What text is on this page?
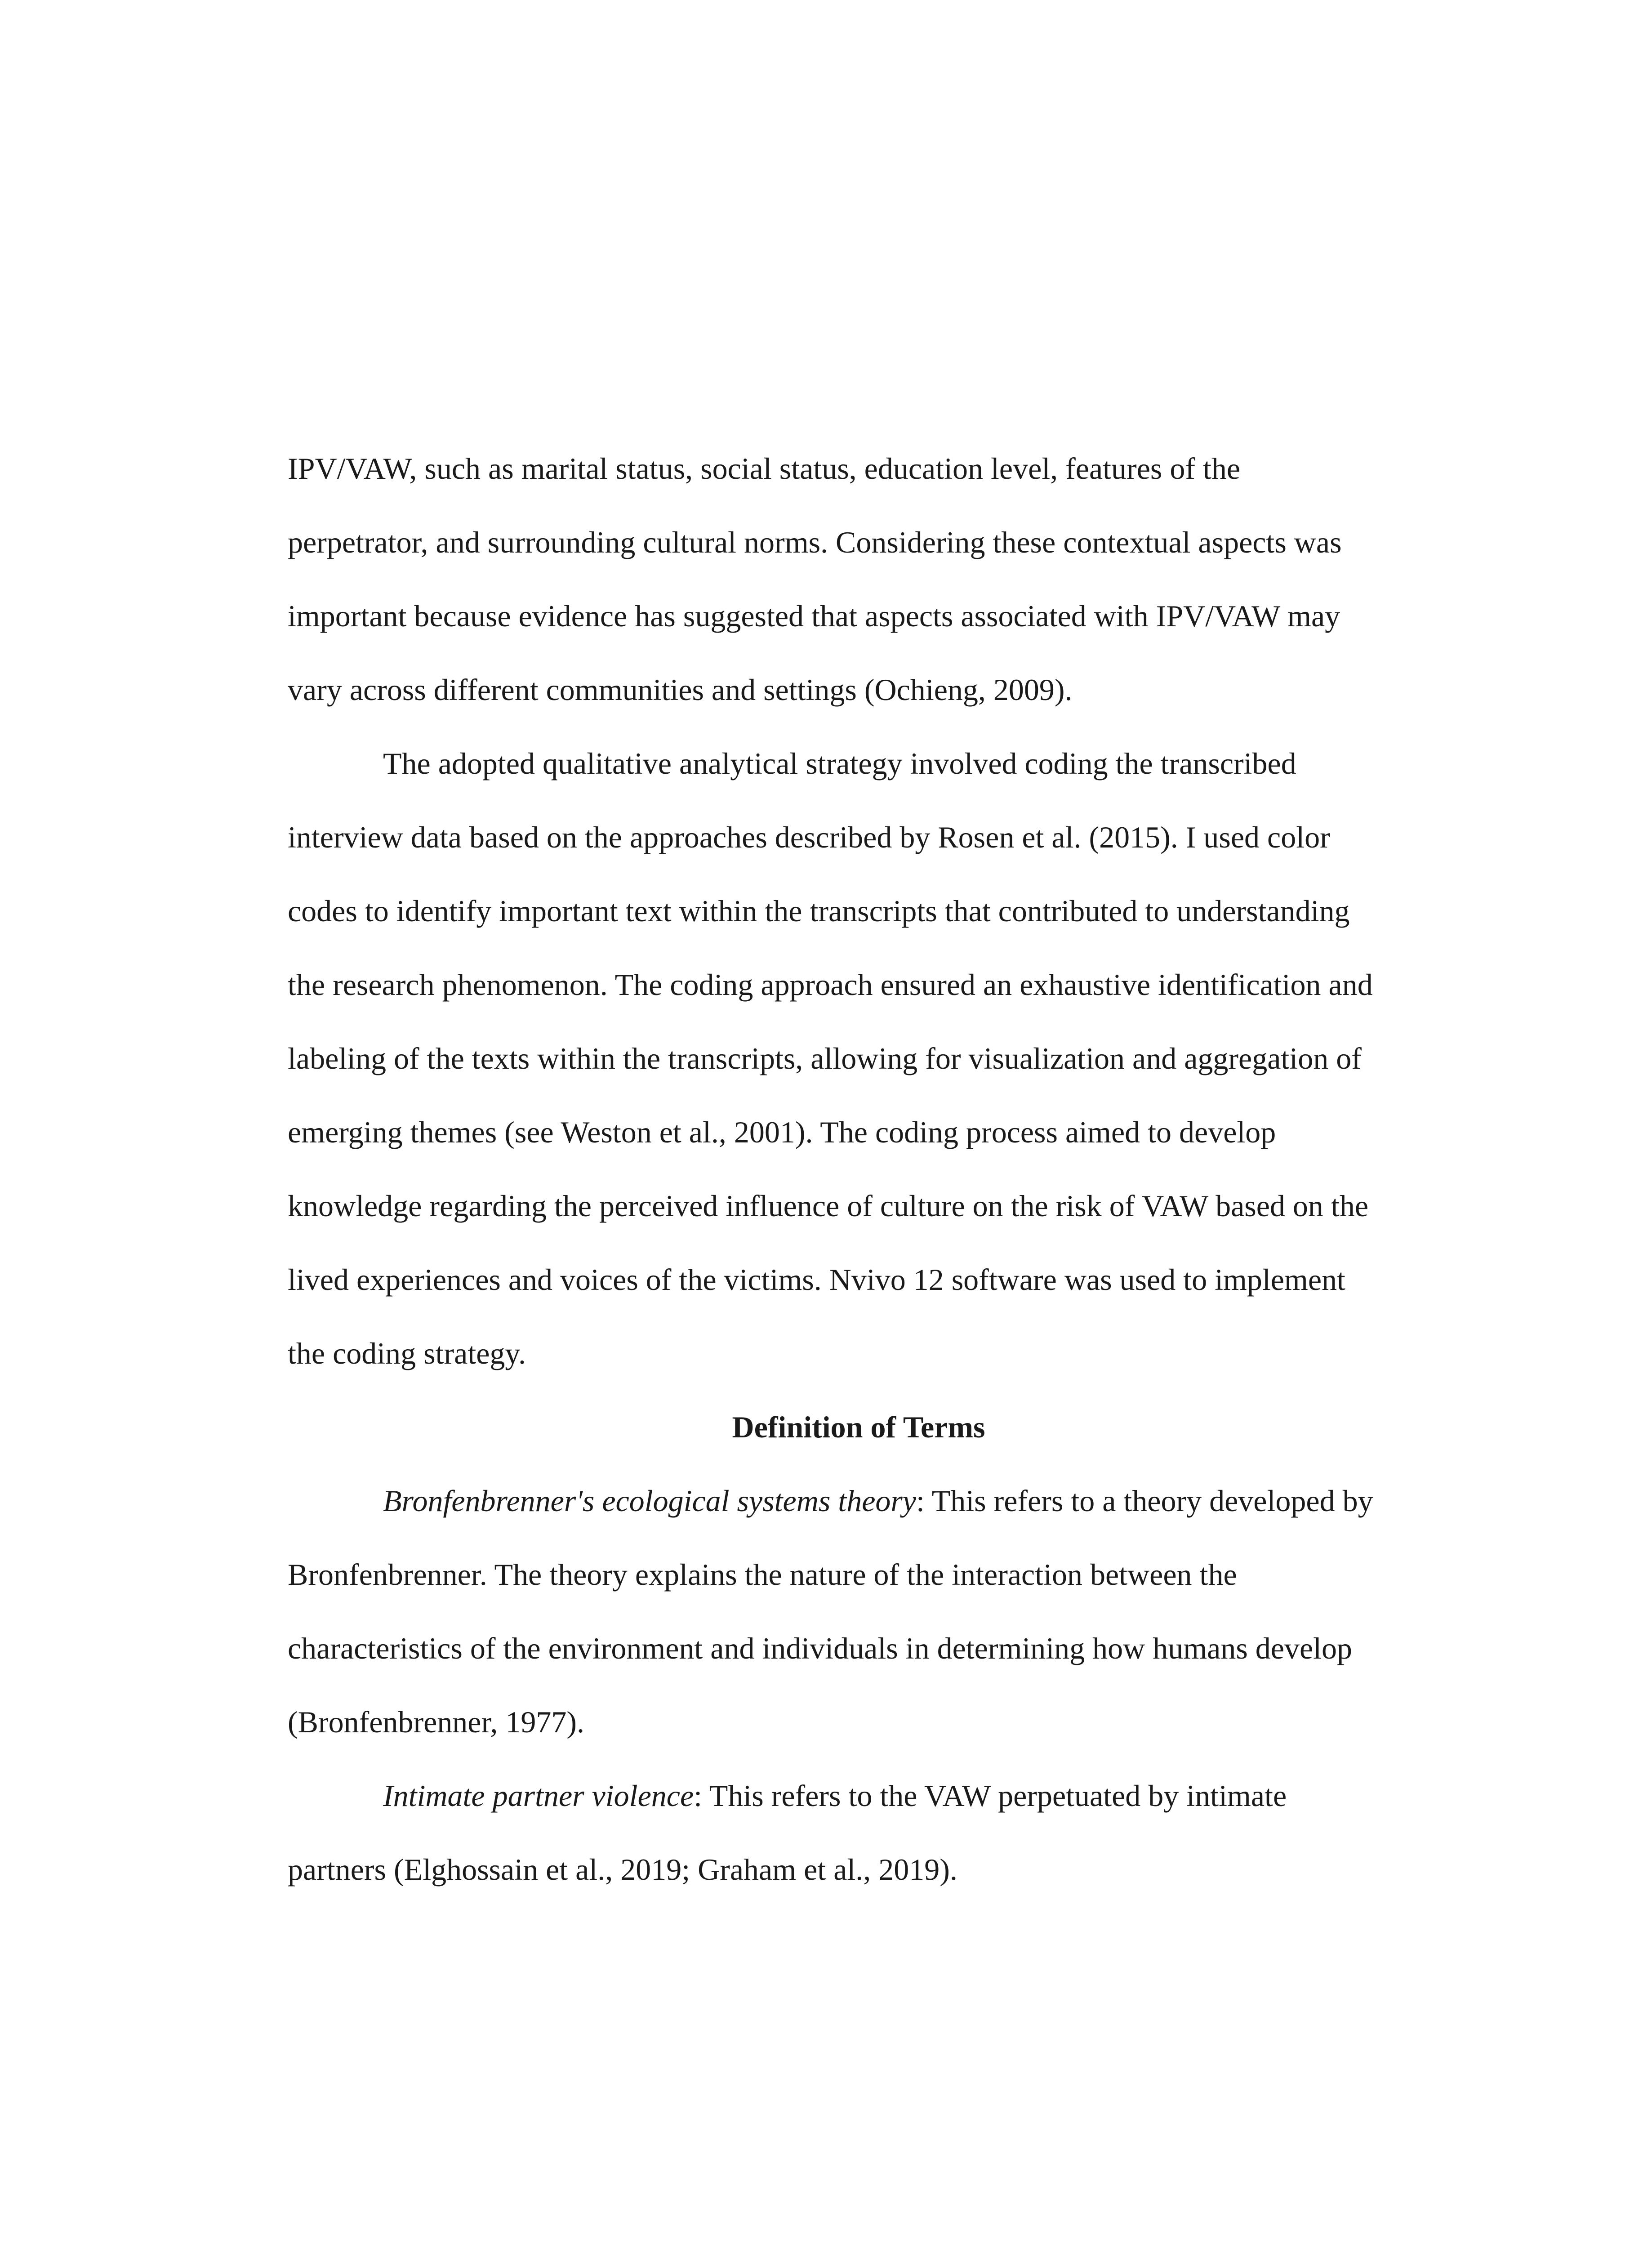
IPV/VAW, such as marital status, social status, education level, features of the
perpetrator, and surrounding cultural norms. Considering these contextual aspects was
important because evidence has suggested that aspects associated with IPV/VAW may
vary across different communities and settings (Ochieng, 2009).
The adopted qualitative analytical strategy involved coding the transcribed
interview data based on the approaches described by Rosen et al. (2015). I used color
codes to identify important text within the transcripts that contributed to understanding
the research phenomenon. The coding approach ensured an exhaustive identification and
labeling of the texts within the transcripts, allowing for visualization and aggregation of
emerging themes (see Weston et al., 2001). The coding process aimed to develop
knowledge regarding the perceived influence of culture on the risk of VAW based on the
lived experiences and voices of the victims. Nvivo 12 software was used to implement
the coding strategy.
Definition of Terms
Bronfenbrenner's ecological systems theory: This refers to a theory developed by
Bronfenbrenner. The theory explains the nature of the interaction between the
characteristics of the environment and individuals in determining how humans develop
(Bronfenbrenner, 1977).
Intimate partner violence: This refers to the VAW perpetuated by intimate
partners (Elghossain et al., 2019; Graham et al., 2019).
